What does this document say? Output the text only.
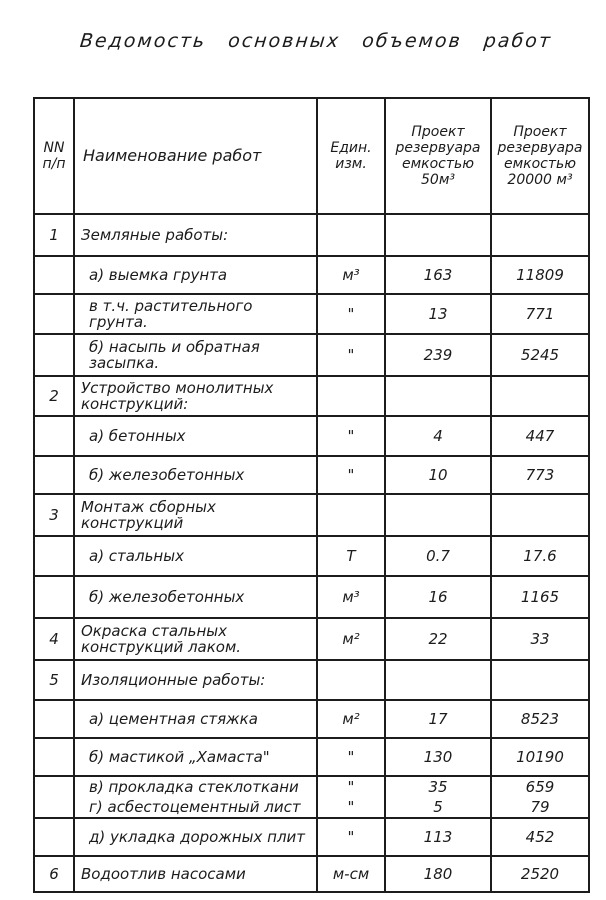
Ведомость основных объемов работ
NN
п/п	Наименование работ	Един.
изм.	Проект
резервуара
емкостью
50м³	Проект
резервуара
емкостью
20000 м³

1	Земляные работы:			
	а) выемка грунта	м³	163	11809
	в т.ч. растительного грунта.	"	13	771
	б) насыпь и обратная засыпка.	"	239	5245
2	Устройство монолитных конструкций:			
	а) бетонных	"	4	447
	б) железобетонных	"	10	773
3	Монтаж сборных конструкций			
	а) стальных	Т	0.7	17.6
	б) железобетонных	м³	16	1165
4	Окраска стальных конструкций лаком.	м²	22	33
5	Изоляционные работы:			
	а) цементная стяжка	м²	17	8523
	б) мастикой „Хамаста"	"	130	10190
	в) прокладка стеклоткани	"	35	659
	г) асбестоцементный лист	"	5	79
	д) укладка дорожных плит	"	113	452
6	Водоотлив насосами	м-см	180	2520
